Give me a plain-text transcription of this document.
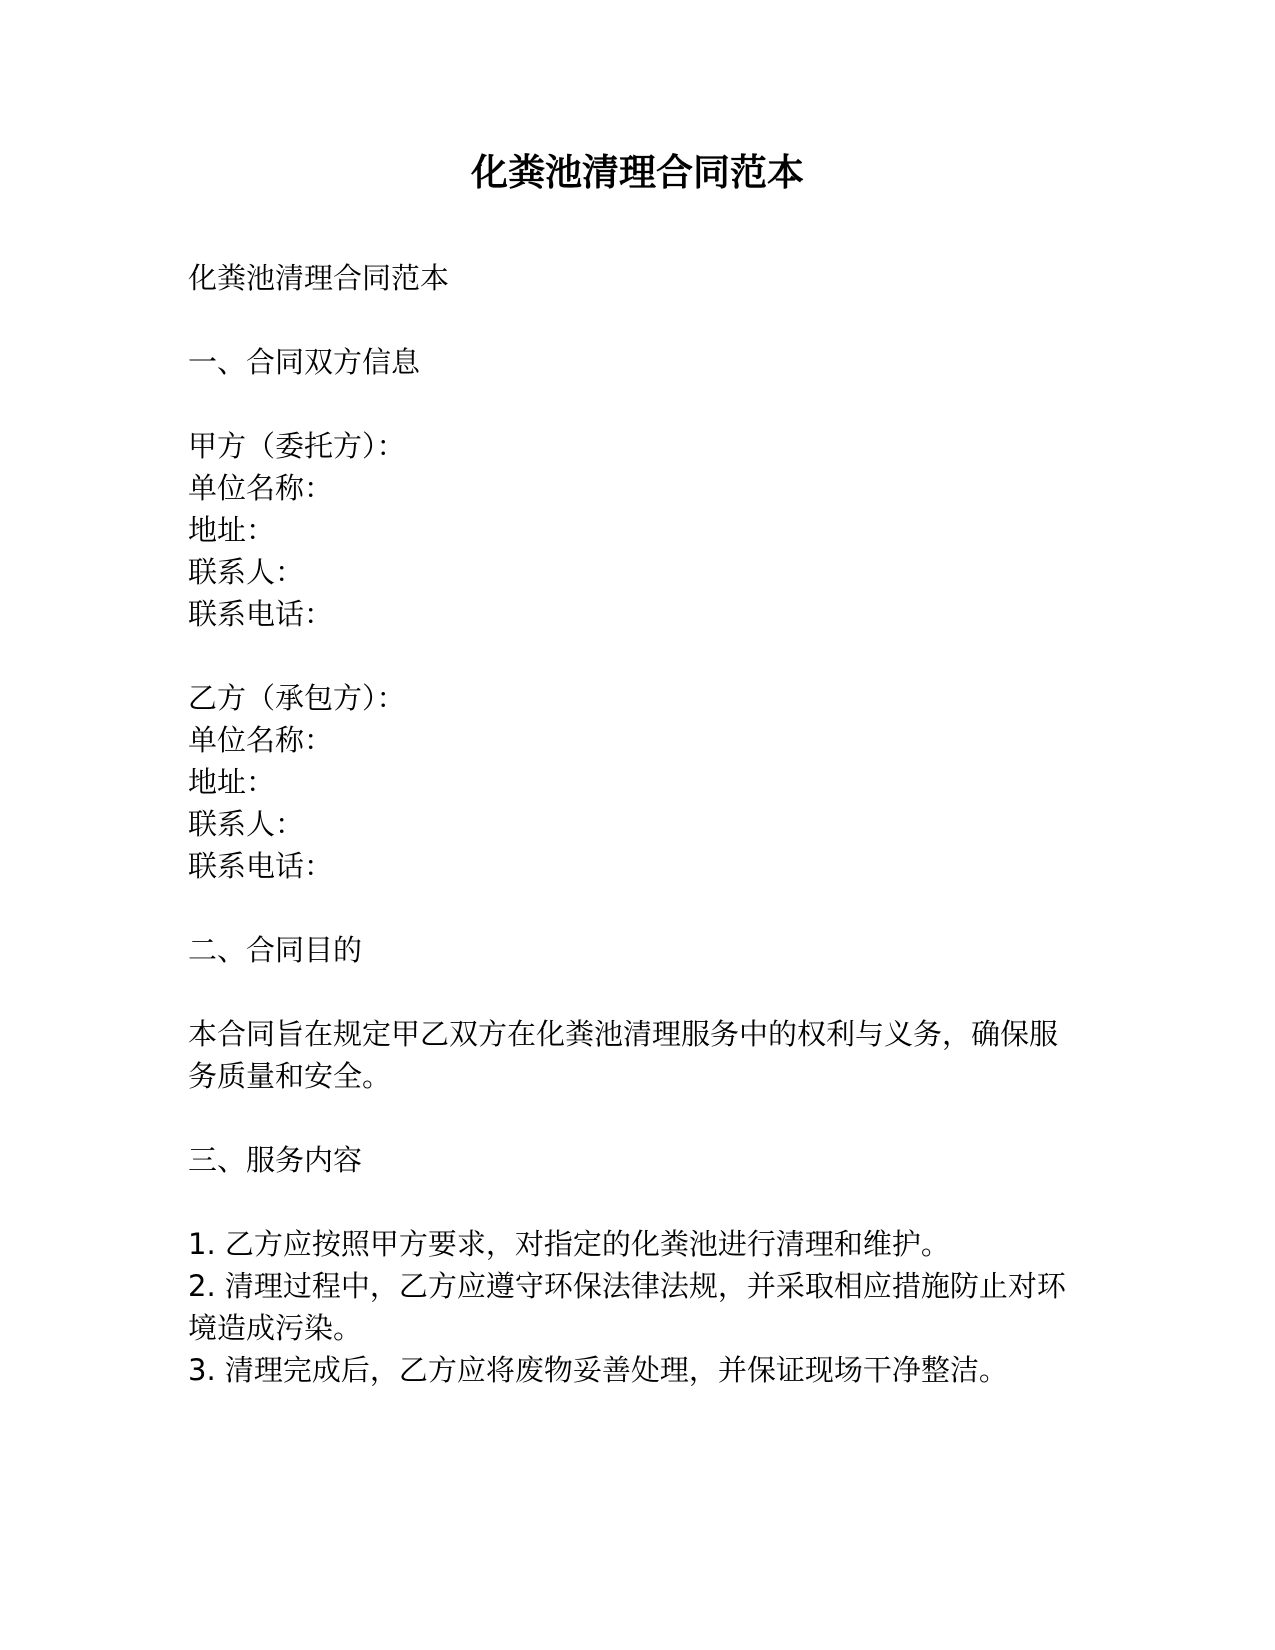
化粪池清理合同范本
化粪池清理合同范本
一、合同双方信息
甲方（委托方）：
单位名称：
地址：
联系人：
联系电话：
乙方（承包方）：
单位名称：
地址：
联系人：
联系电话：
二、合同目的
本合同旨在规定甲乙双方在化粪池清理服务中的权利与义务，确保服
务质量和安全。
三、服务内容
1. 乙方应按照甲方要求，对指定的化粪池进行清理和维护。
2. 清理过程中，乙方应遵守环保法律法规，并采取相应措施防止对环
境造成污染。
3. 清理完成后，乙方应将废物妥善处理，并保证现场干净整洁。
